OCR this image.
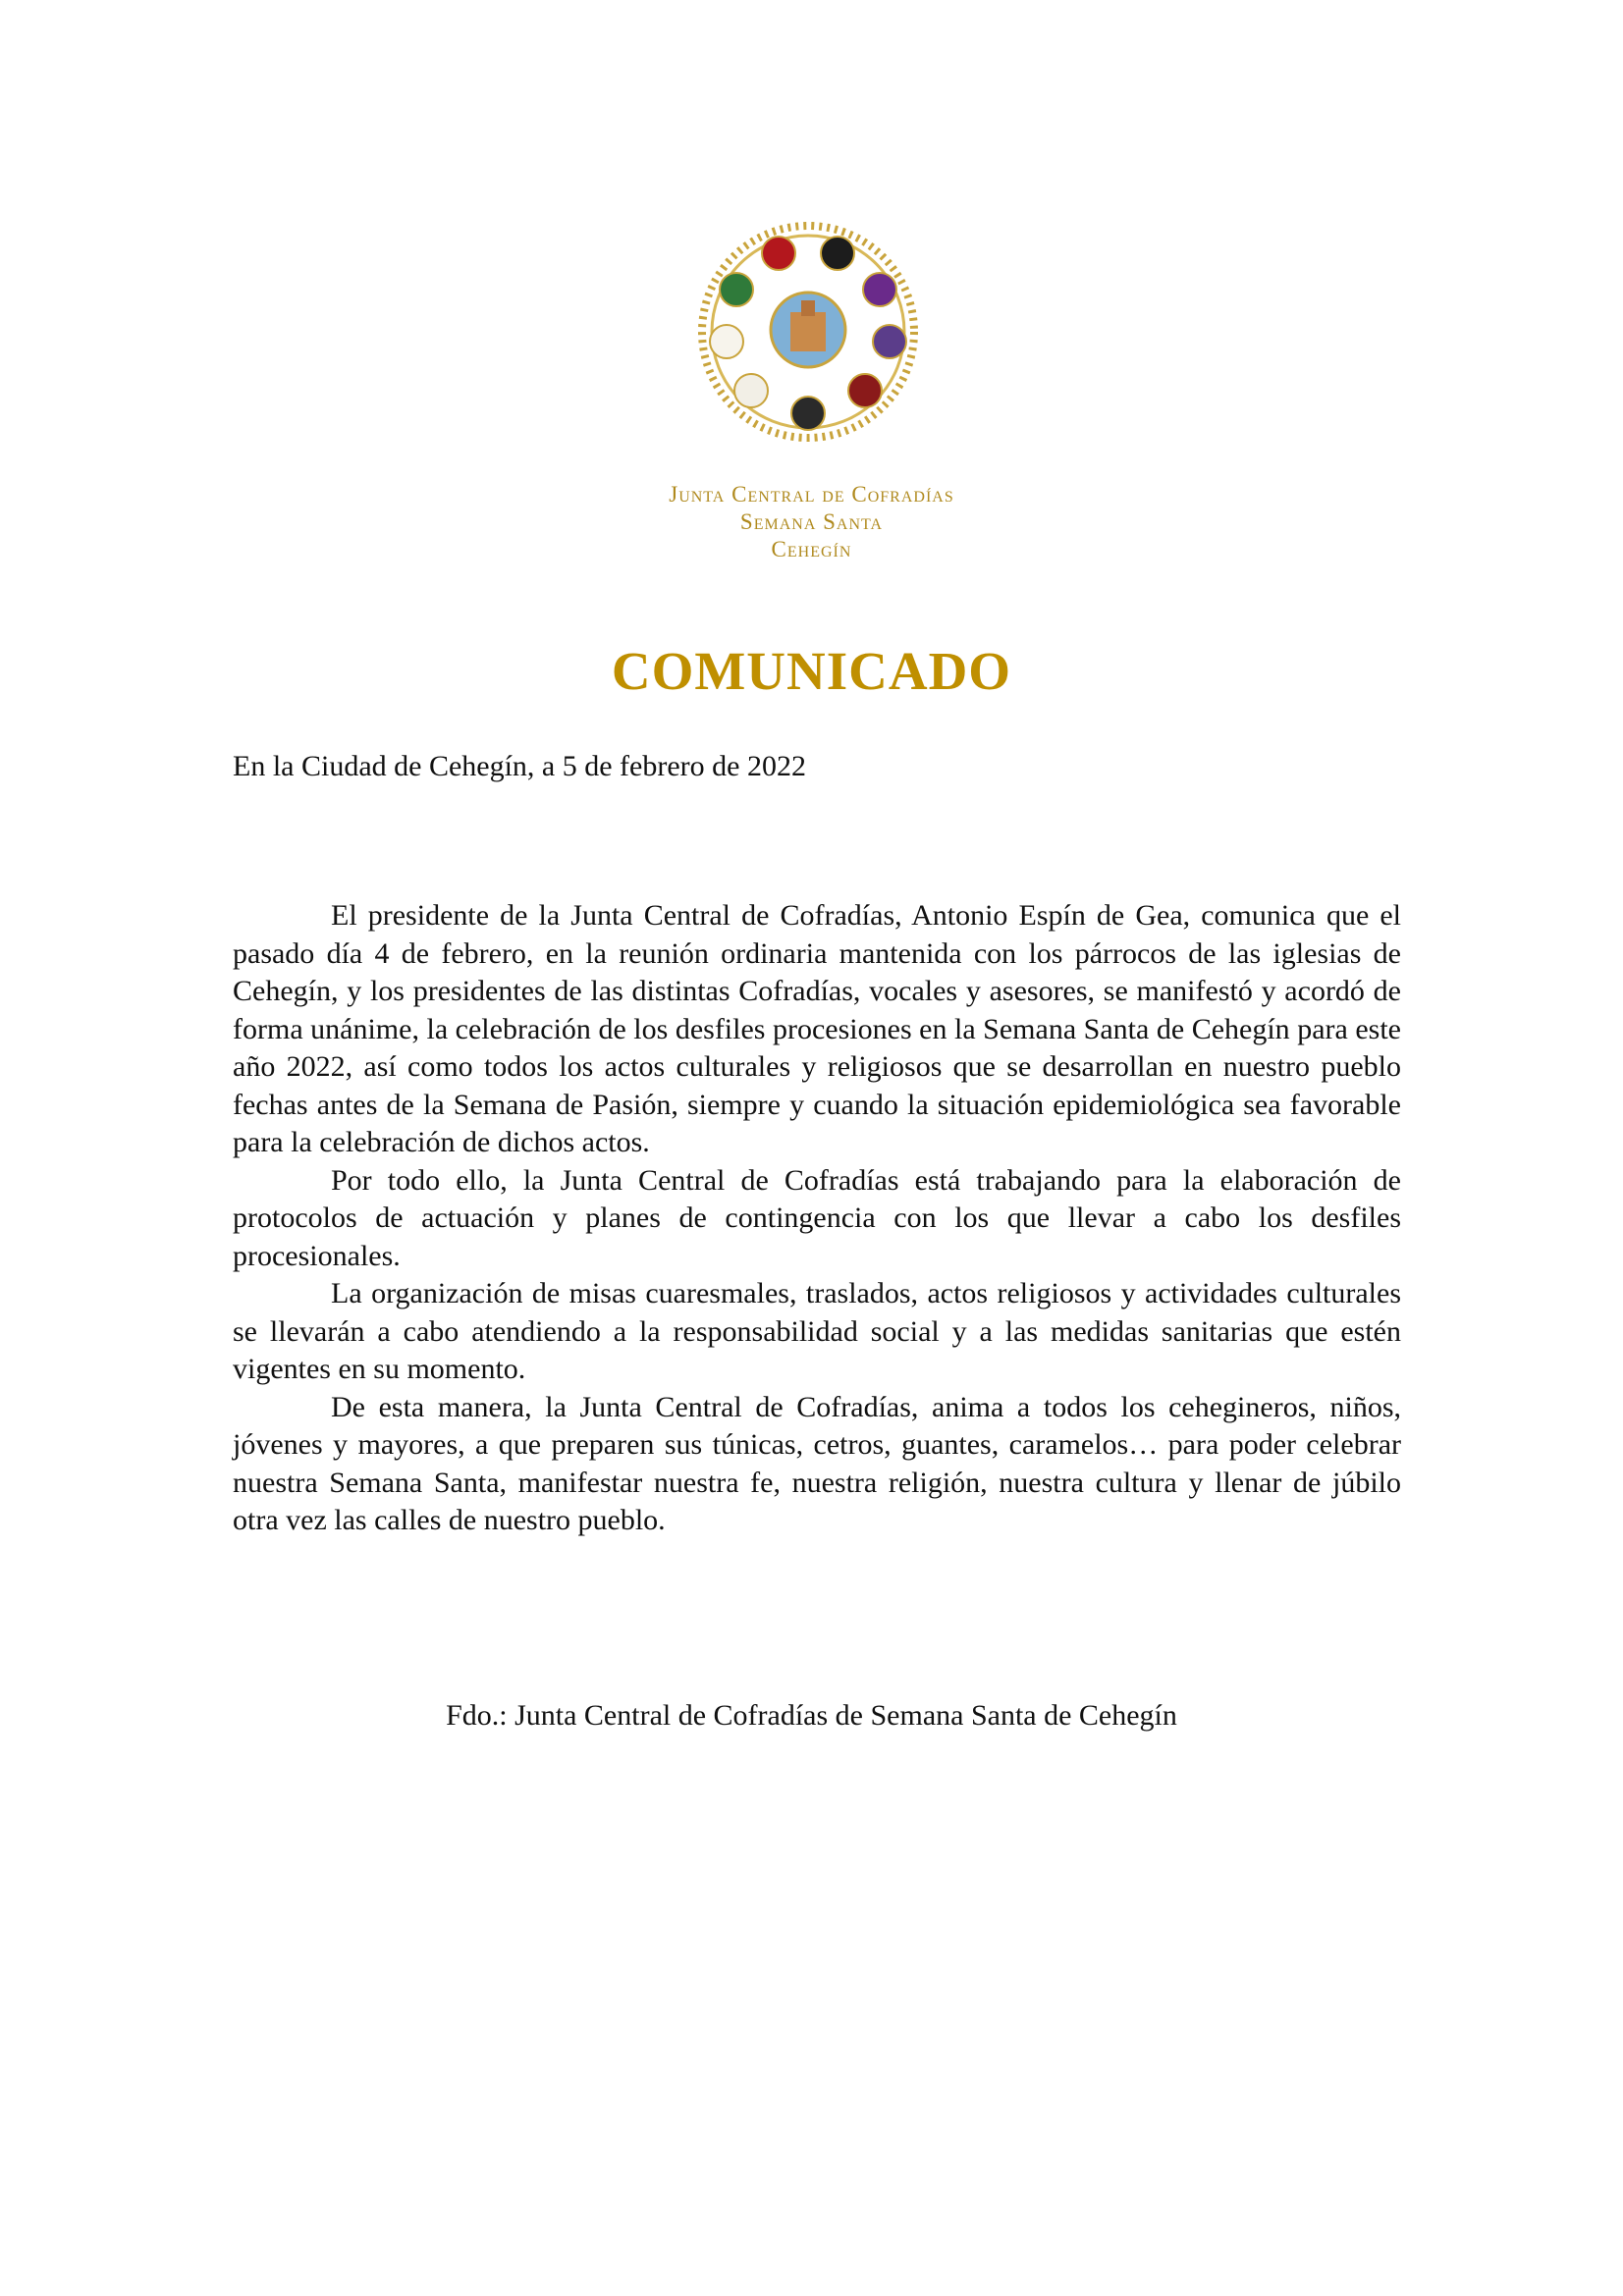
Junta Central de Cofradías
Semana Santa
Cehegín
COMUNICADO
En la Ciudad de Cehegín, a 5 de febrero de 2022

El presidente de la Junta Central de Cofradías, Antonio Espín de Gea, comunica que el pasado día 4 de febrero, en la reunión ordinaria mantenida con los párrocos de las iglesias de Cehegín, y los presidentes de las distintas Cofradías, vocales y asesores, se manifestó y acordó de forma unánime, la celebración de los desfiles procesiones en la Semana Santa de Cehegín para este año 2022, así como todos los actos culturales y religiosos que se desarrollan en nuestro pueblo fechas antes de la Semana de Pasión, siempre y cuando la situación epidemiológica sea favorable para la celebración de dichos actos.

Por todo ello, la Junta Central de Cofradías está trabajando para la elaboración de protocolos de actuación y planes de contingencia con los que llevar a cabo los desfiles procesionales.

La organización de misas cuaresmales, traslados, actos religiosos y actividades culturales se llevarán a cabo atendiendo a la responsabilidad social y a las medidas sanitarias que estén vigentes en su momento.

De esta manera, la Junta Central de Cofradías, anima a todos los cehegineros, niños, jóvenes y mayores, a que preparen sus túnicas, cetros, guantes, caramelos… para poder celebrar nuestra Semana Santa, manifestar nuestra fe, nuestra religión, nuestra cultura y llenar de júbilo otra vez las calles de nuestro pueblo.

Fdo.: Junta Central de Cofradías de Semana Santa de Cehegín
